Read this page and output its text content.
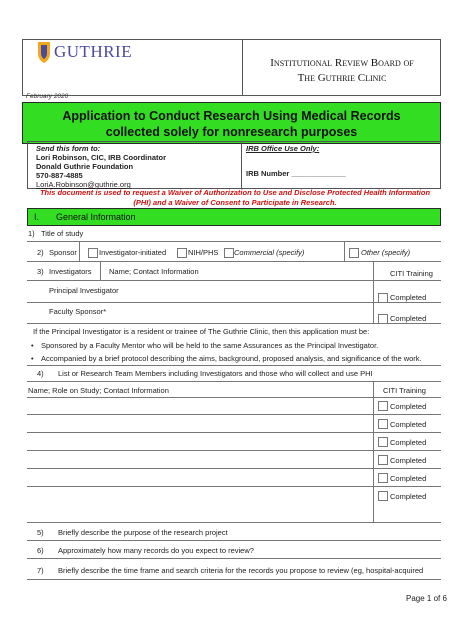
GUTHRIE
Institutional Review Board of
The Guthrie Clinic
February 2020
Application to Conduct Research Using Medical Records
collected solely for nonresearch purposes
Send this form to:
Lori Robinson, CIC, IRB Coordinator
Donald Guthrie Foundation
570-887-4885
LoriA.Robinson@guthrie.org
IRB Office Use Only:
IRB Number _____________
This document is used to request a Waiver of Authorization to Use and Disclose Protected Health Information
(PHI) and a Waiver of Consent to Participate in Research.
I. General Information
1) Title of study
2) Sponsor	Investigator-initiated	NIH/PHS Commercial (specify)	Other (specify)
3) Investigators Name; Contact Information	CITI Training
Principal Investigator
Completed
Faculty Sponsor*
Completed
If the Principal Investigator is a resident or trainee of The Guthrie Clinic, then this application must be:
• Sponsored by a Faculty Mentor who will be held to the same Assurances as the Principal Investigator.
• Accompanied by a brief protocol describing the aims, background, proposed analysis, and significance of the work.
4) List or Research Team Members including Investigators and those who will collect and use PHI
Name; Role on Study; Contact Information	CITI Training
Completed
Completed
Completed
Completed
Completed
Completed
5) Briefly describe the purpose of the research project
6) Approximately how many records do you expect to review?
7) Briefly describe the time frame and search criteria for the records you propose to review (eg, hospital-acquired
Page 1 of 6
